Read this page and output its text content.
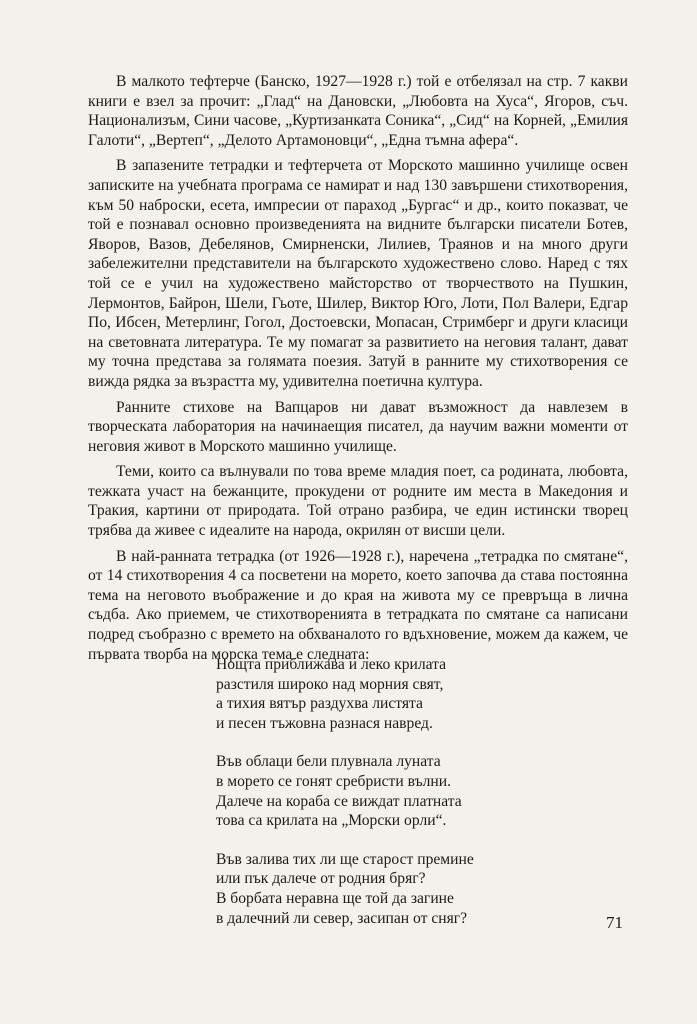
В малкото тефтерче (Банско, 1927—1928 г.) той е отбелязал на стр. 7 какви книги е взел за прочит: „Глад“ на Дановски, „Любовта на Хуса“, Ягоров, съч. Национализъм, Сини часове, „Куртизанката Соника“, „Сид“ на Корней, „Емилия Галоти“, „Вертеп“, „Делото Артамоновци“, „Една тъмна афера“.

В запазените тетрадки и тефтерчета от Морското машинно училище освен записките на учебната програма се намират и над 130 завършени стихотворения, към 50 наброски, есета, импресии от параход „Бургас“ и др., които показват, че той е познавал основно произведенията на видните български писатели Ботев, Яворов, Вазов, Дебелянов, Смирненски, Лилиев, Траянов и на много други забележителни представители на българското художествено слово. Наред с тях той се е учил на художествено майсторство от творчеството на Пушкин, Лермонтов, Байрон, Шели, Гьоте, Шилер, Виктор Юго, Лоти, Пол Валери, Едгар По, Ибсен, Метерлинг, Гогол, Достоевски, Мопасан, Стримберг и други класици на световната литература. Те му помагат за развитието на неговия талант, дават му точна представа за голямата поезия. Затуй в ранните му стихотворения се вижда рядка за възрастта му, удивителна поетична култура.

Ранните стихове на Вапцаров ни дават възможност да навлезем в творческата лаборатория на начинаещия писател, да научим важни моменти от неговия живот в Морското машинно училище.

Теми, които са вълнували по това време младия поет, са родината, любовта, тежката участ на бежанците, прокудени от родните им места в Македония и Тракия, картини от природата. Той отрано разбира, че един истински творец трябва да живее с идеалите на народа, окрилян от висши цели.

В най-ранната тетрадка (от 1926—1928 г.), наречена „тетрадка по смятане“, от 14 стихотворения 4 са посветени на морето, което започва да става постоянна тема на неговото въображение и до края на живота му се превръща в лична съдба. Ако приемем, че стихотворенията в тетрадката по смятане са написани подред съобразно с времето на обхваналото го вдъхновение, можем да кажем, че първата творба на морска тема е следната:

Нощта приближава и леко крилата
разстиля широко над морния свят,
а тихия вятър раздухва листята
и песен тъжовна разнася навред.
Във облаци бели плувнала луната
в морето се гонят сребристи вълни.
Далече на кораба се виждат платната
това са крилата на „Морски орли“.
Във залива тих ли ще старост премине
или пък далече от родния бряг?
В борбата неравна ще той да загине
в далечний ли север, засипан от сняг?	71
